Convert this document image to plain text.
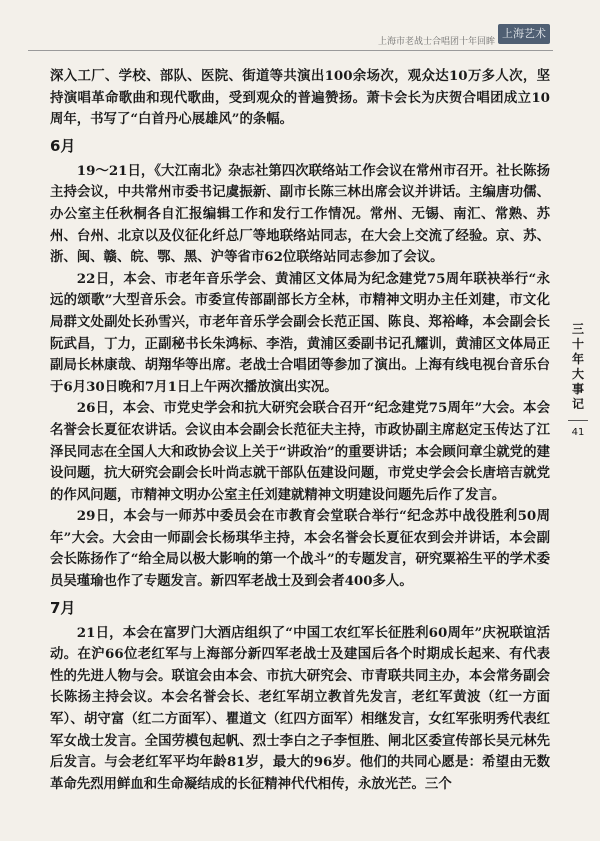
上海艺术
上海市老战士合唱团十年回眸

深入工厂、学校、部队、医院、街道等共演出100余场次，观众达10万多人次，坚持演唱革命歌曲和现代歌曲，受到观众的普遍赞扬。萧卡会长为庆贺合唱团成立10周年，书写了“白首丹心展雄风”的条幅。

6月

19～21日，《大江南北》杂志社第四次联络站工作会议在常州市召开。社长陈扬主持会议，中共常州市委书记虞振新、副市长陈三林出席会议并讲话。主编唐功儒、办公室主任秋桐各自汇报编辑工作和发行工作情况。常州、无锡、南汇、常熟、苏州、台州、北京以及仪征化纤总厂等地联络站同志，在大会上交流了经验。京、苏、浙、闽、赣、皖、鄂、黑、沪等省市62位联络站同志参加了会议。

22日，本会、市老年音乐学会、黄浦区文体局为纪念建党75周年联袂举行“永远的颂歌”大型音乐会。市委宣传部副部长方全林，市精神文明办主任刘建，市文化局群文处副处长孙雪兴，市老年音乐学会副会长范正国、陈良、郑裕峰，本会副会长阮武昌，丁力，正副秘书长朱鸿标、李浩，黄浦区委副书记孔耀训，黄浦区文体局正副局长林康哉、胡翔华等出席。老战士合唱团等参加了演出。上海有线电视台音乐台于6月30日晚和7月1日上午两次播放演出实况。

26日，本会、市党史学会和抗大研究会联合召开“纪念建党75周年”大会。本会名誉会长夏征农讲话。会议由本会副会长范征夫主持，市政协副主席赵定玉传达了江泽民同志在全国人大和政协会议上关于“讲政治”的重要讲话；本会顾问章尘就党的建设问题，抗大研究会副会长叶尚志就干部队伍建设问题，市党史学会会长唐培吉就党的作风问题，市精神文明办公室主任刘建就精神文明建设问题先后作了发言。

29日，本会与一师苏中委员会在市教育会堂联合举行“纪念苏中战役胜利50周年”大会。大会由一师副会长杨琪华主持，本会名誉会长夏征农到会并讲话，本会副会长陈扬作了“给全局以极大影响的第一个战斗”的专题发言，研究粟裕生平的学术委员吴瑾瑜也作了专题发言。新四军老战士及到会者400多人。

7月

21日，本会在富罗门大酒店组织了“中国工农红军长征胜利60周年”庆祝联谊活动。在沪66位老红军与上海部分新四军老战士及建国后各个时期成长起来、有代表性的先进人物与会。联谊会由本会、市抗大研究会、市青联共同主办，本会常务副会长陈扬主持会议。本会名誉会长、老红军胡立教首先发言，老红军黄波（红一方面军）、胡守富（红二方面军）、瞿道文（红四方面军）相继发言，女红军张明秀代表红军女战士发言。全国劳模包起帆、烈士李白之子李恒胜、闸北区委宣传部长吴元林先后发言。与会老红军平均年龄81岁，最大的96岁。他们的共同心愿是：希望由无数革命先烈用鲜血和生命凝结成的长征精神代代相传，永放光芒。三个

三
十
年
大
事
记
41
